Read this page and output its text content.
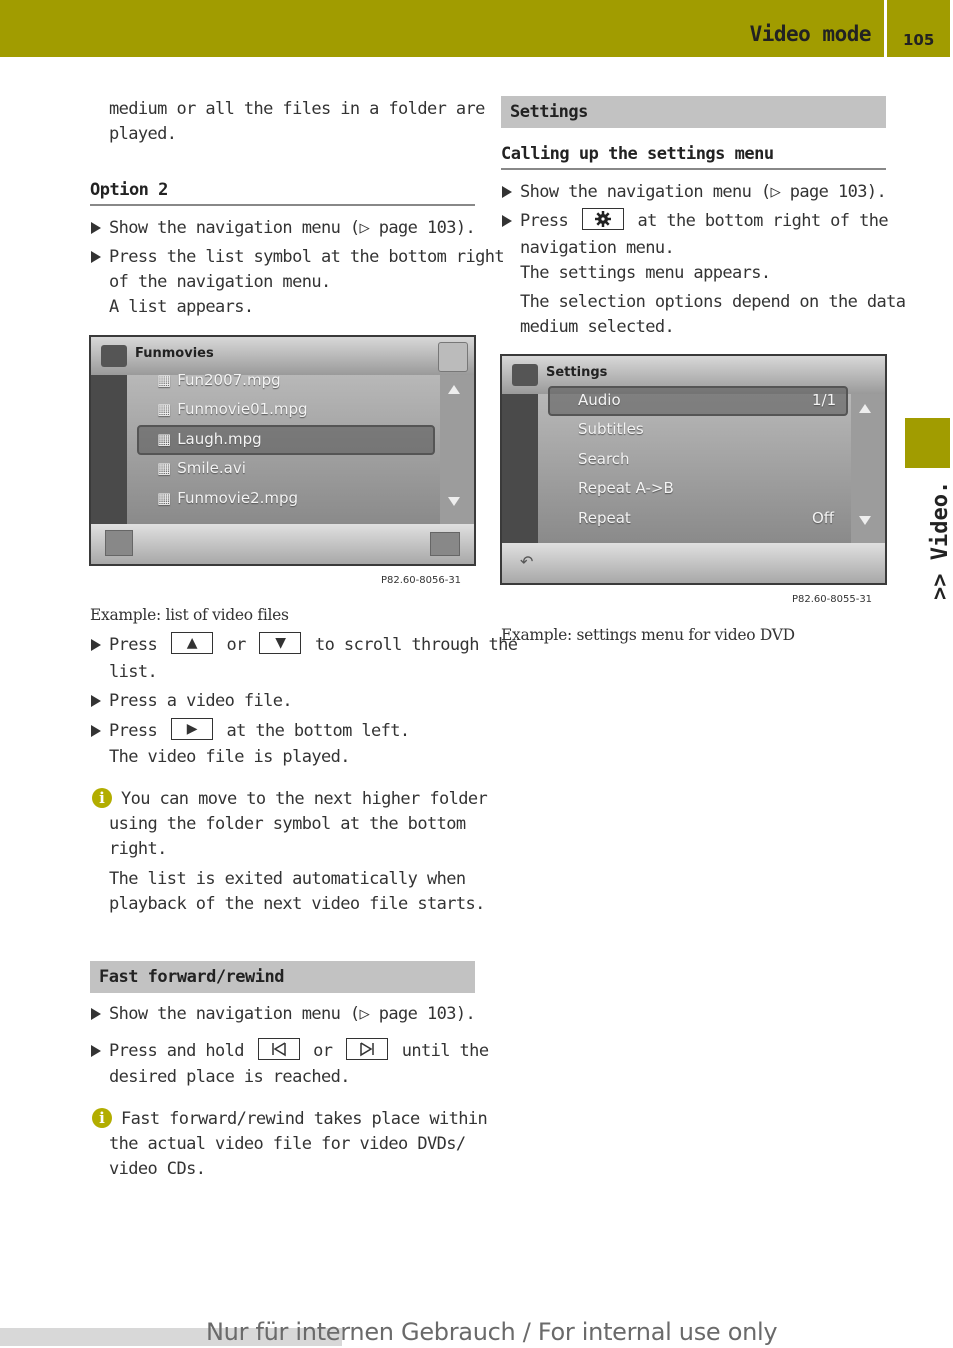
Video mode 105
>> Video.
medium or all the files in a folder are
played.
Option 2
Show the navigation menu (▷ page 103).
Press the list symbol at the bottom right
of the navigation menu.
A list appears.
Funmovies
▦ Fun2007.mpg
▦ Funmovie01.mpg
▦ Laugh.mpg
▦ Smile.avi
▦ Funmovie2.mpg
P82.60-8056-31
Example: list of video files
Press ▲ or ▼ to scroll through the
list.
Press a video file.
Press ▶ at the bottom left.
The video file is played.
i You can move to the next higher folder
using the folder symbol at the bottom
right.
The list is exited automatically when
playback of the next video file starts.
Fast forward/rewind
Show the navigation menu (▷ page 103).
Press and hold	or	until the
desired place is reached.
i Fast forward/rewind takes place within
the actual video file for video DVDs/
video CDs.
Settings
Calling up the settings menu
Show the navigation menu (▷ page 103).
Press	at the bottom right of the
navigation menu.
The settings menu appears.
The selection options depend on the data
medium selected.
Settings
Audio	1/1
Subtitles
Search
Repeat A->B
Repeat	Off
↶
P82.60-8055-31
Example: settings menu for video DVD
Nur für internen Gebrauch / For internal use only
